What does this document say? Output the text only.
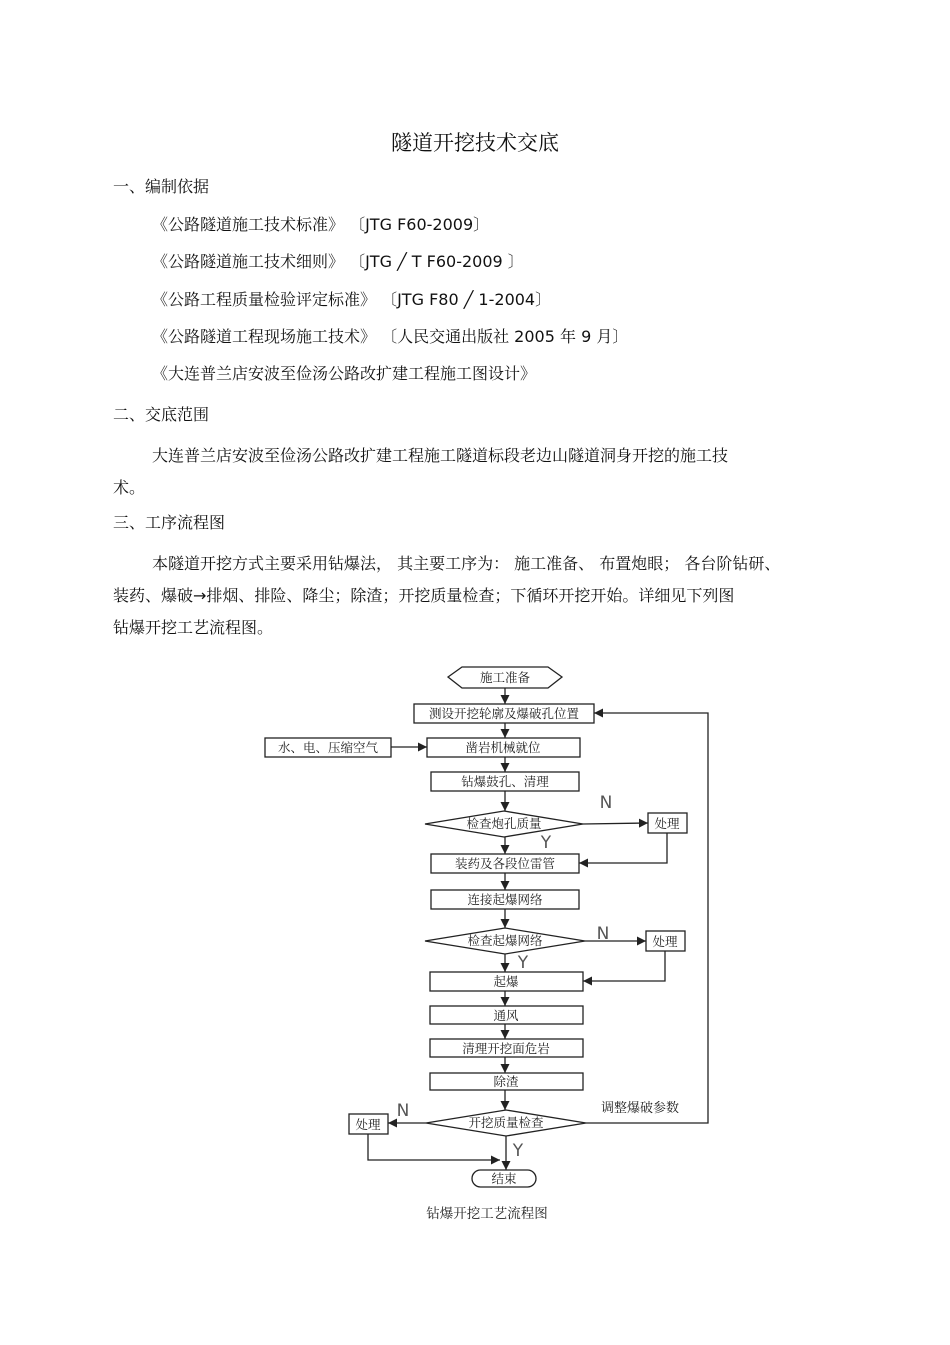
隧道开挖技术交底
一、编制依据
《公路隧道施工技术标准》 〔JTG F60-2009〕
《公路隧道施工技术细则》 〔JTG ╱ T F60-2009 〕
《公路工程质量检验评定标准》 〔JTG F80 ╱ 1-2004〕
《公路隧道工程现场施工技术》 〔人民交通出版社 2005 年 9 月〕
《大连普兰店安波至俭汤公路改扩建工程施工图设计》
二、交底范围
大连普兰店安波至俭汤公路改扩建工程施工隧道标段老边山隧道洞身开挖的施工技
术。
三、工序流程图
本隧道开挖方式主要采用钻爆法， 其主要工序为： 施工准备、 布置炮眼； 各台阶钻研、
装药、爆破→排烟、排险、降尘；除渣；开挖质量检查；下循环开挖开始。详细见下列图
钻爆开挖工艺流程图。
施工准备
测设开挖轮廓及爆破孔位置
凿岩机械就位
钻爆鼓孔、清理
检查炮孔质量
装药及各段位雷管
连接起爆网络
检查起爆网络
起爆
通风
清理开挖面危岩
除渣
开挖质量检查
结束
水、电、压缩空气
处理
处理
处理
调整爆破参数
钻爆开挖工艺流程图
N
Y
N
Y
N
Y
